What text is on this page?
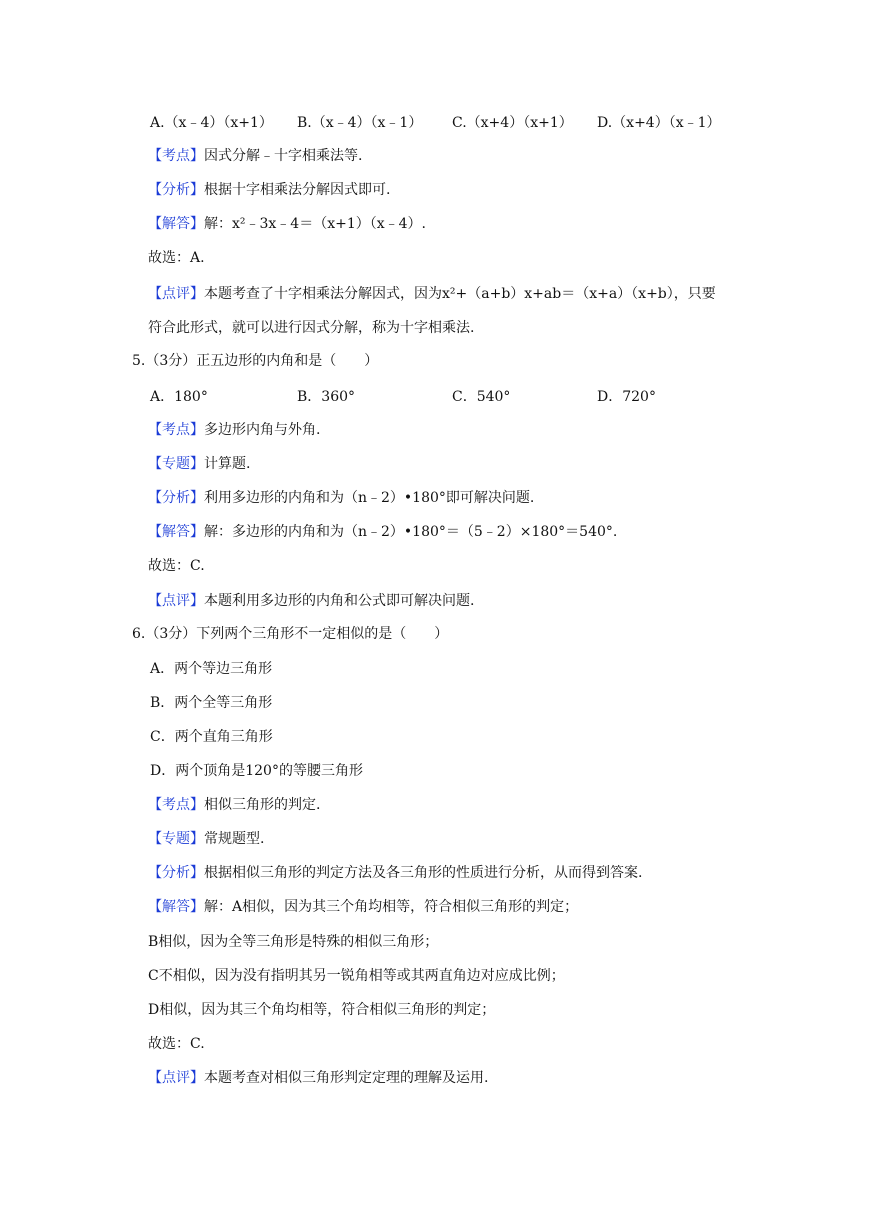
A.（x﹣4）（x+1） B.（x﹣4）（x﹣1） C.（x+4）（x+1） D.（x+4）（x﹣1）
【考点】因式分解﹣十字相乘法等.
【分析】根据十字相乘法分解因式即可.
【解答】解：x²﹣3x﹣4＝（x+1）（x﹣4）.
故选：A.
【点评】本题考查了十字相乘法分解因式，因为x²+（a+b）x+ab＝（x+a）（x+b），只要
符合此形式，就可以进行因式分解，称为十字相乘法.
5.（3分）正五边形的内角和是（　　）
A．180°	B．360°	C．540°	D．720°
【考点】多边形内角与外角.
【专题】计算题.
【分析】利用多边形的内角和为（n﹣2）•180°即可解决问题.
【解答】解：多边形的内角和为（n﹣2）•180°＝（5﹣2）×180°＝540°.
故选：C.
【点评】本题利用多边形的内角和公式即可解决问题.
6.（3分）下列两个三角形不一定相似的是（　　）
A．两个等边三角形
B．两个全等三角形
C．两个直角三角形
D．两个顶角是120°的等腰三角形
【考点】相似三角形的判定.
【专题】常规题型.
【分析】根据相似三角形的判定方法及各三角形的性质进行分析，从而得到答案.
【解答】解：A相似，因为其三个角均相等，符合相似三角形的判定；
B相似，因为全等三角形是特殊的相似三角形；
C不相似，因为没有指明其另一锐角相等或其两直角边对应成比例；
D相似，因为其三个角均相等，符合相似三角形的判定；
故选：C.
【点评】本题考查对相似三角形判定定理的理解及运用.
